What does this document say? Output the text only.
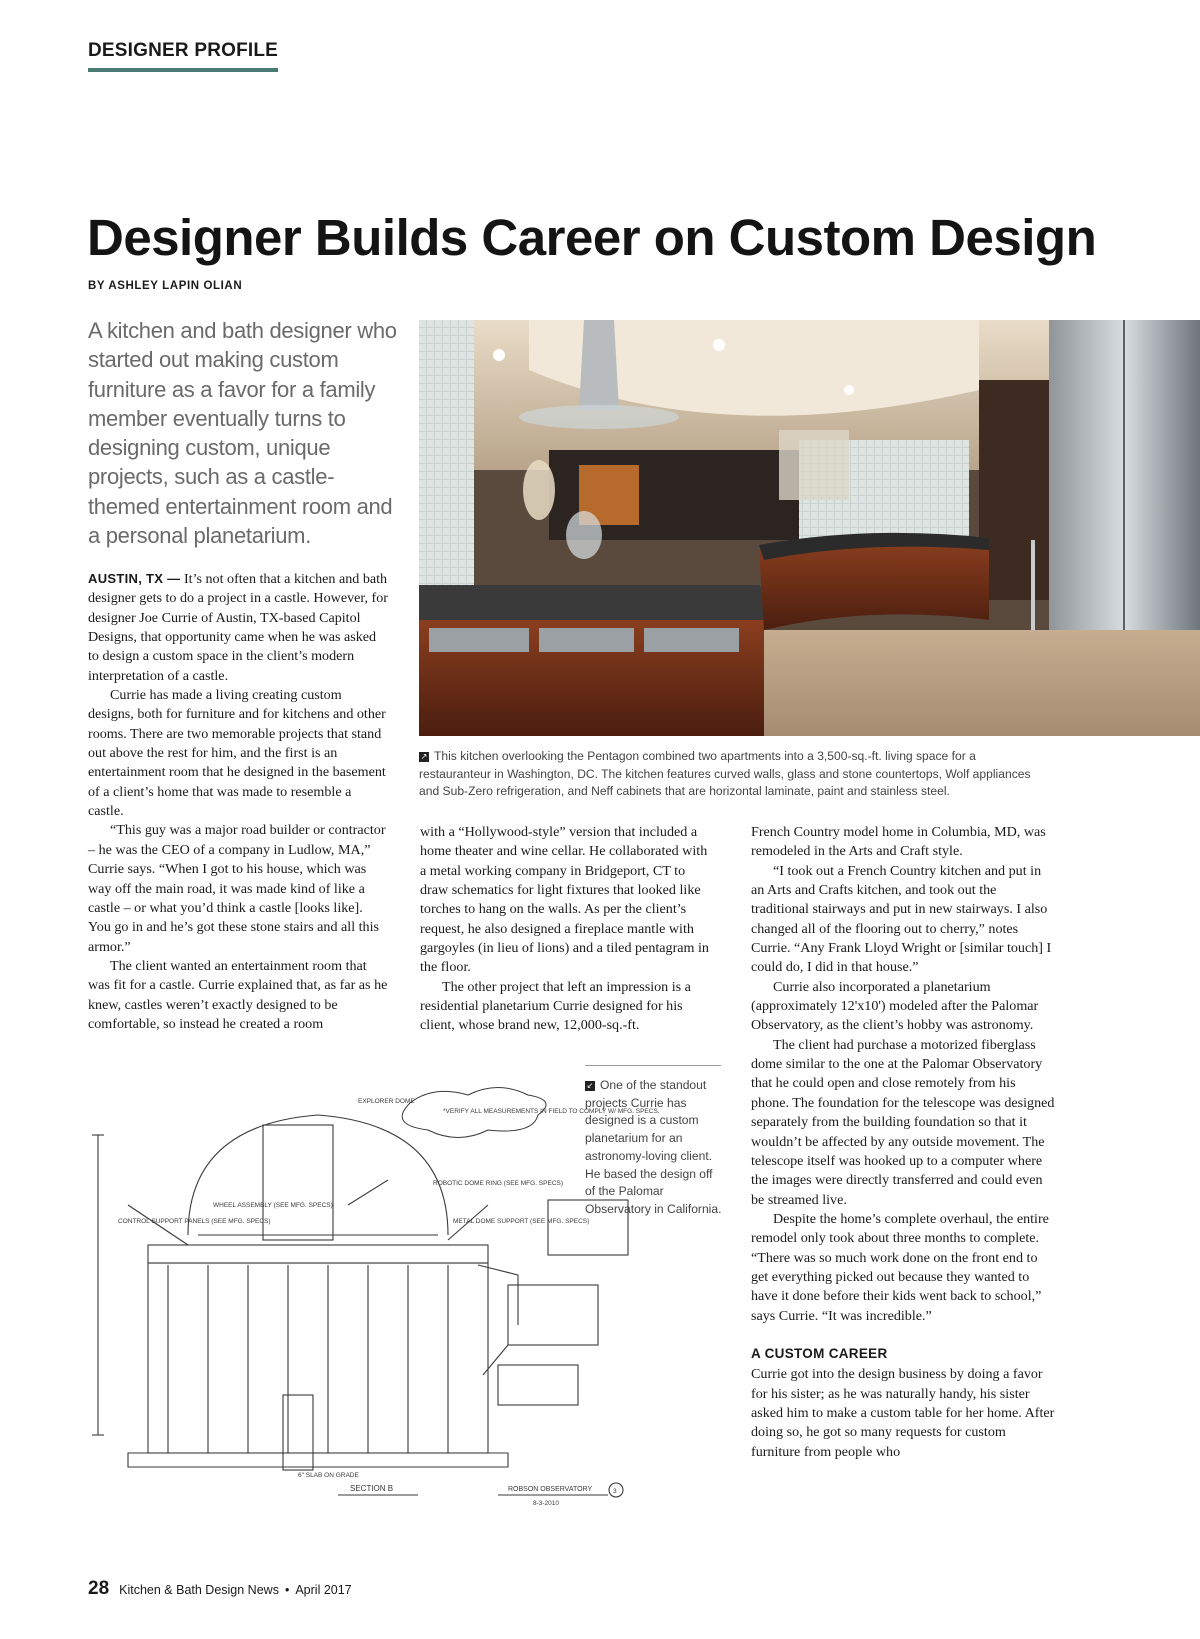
DESIGNER PROFILE
Designer Builds Career on Custom Design
BY ASHLEY LAPIN OLIAN
A kitchen and bath designer who started out making custom furniture as a favor for a family member eventually turns to designing custom, unique projects, such as a castle-themed entertainment room and a personal planetarium.

AUSTIN, TX — It’s not often that a kitchen and bath designer gets to do a project in a castle. However, for designer Joe Currie of Austin, TX-based Capitol Designs, that opportunity came when he was asked to design a custom space in the client’s modern interpretation of a castle.

Currie has made a living creating custom designs, both for furniture and for kitchens and other rooms. There are two memorable projects that stand out above the rest for him, and the first is an entertainment room that he designed in the basement of a client’s home that was made to resemble a castle.

“This guy was a major road builder or contractor – he was the CEO of a company in Ludlow, MA,” Currie says. “When I got to his house, which was way off the main road, it was made kind of like a castle – or what you’d think a castle [looks like]. You go in and he’s got these stone stairs and all this armor.”

The client wanted an entertainment room that was fit for a castle. Currie explained that, as far as he knew, castles weren’t exactly designed to be comfortable, so instead he created a room

↗ This kitchen overlooking the Pentagon combined two apartments into a 3,500-sq.-ft. living space for a restauranteur in Washington, DC. The kitchen features curved walls, glass and stone countertops, Wolf appliances and Sub-Zero refrigeration, and Neff cabinets that are horizontal laminate, paint and stainless steel.

with a “Hollywood-style” version that included a home theater and wine cellar. He collaborated with a metal working company in Bridgeport, CT to draw schematics for light fixtures that looked like torches to hang on the walls. As per the client’s request, he also designed a fireplace mantle with gargoyles (in lieu of lions) and a tiled pentagram in the floor.

The other project that left an impression is a residential planetarium Currie designed for his client, whose brand new, 12,000-sq.-ft.

↙ One of the standout projects Currie has designed is a custom planetarium for an astronomy-loving client. He based the design off of the Palomar Observatory in California.

French Country model home in Columbia, MD, was remodeled in the Arts and Craft style.

“I took out a French Country kitchen and put in an Arts and Crafts kitchen, and took out the traditional stairways and put in new stairways. I also changed all of the flooring out to cherry,” notes Currie. “Any Frank Lloyd Wright or [similar touch] I could do, I did in that house.”

Currie also incorporated a planetarium (approximately 12'x10') modeled after the Palomar Observatory, as the client’s hobby was astronomy.

The client had purchase a motorized fiberglass dome similar to the one at the Palomar Observatory that he could open and close remotely from his phone. The foundation for the telescope was designed separately from the building foundation so that it wouldn’t be affected by any outside movement. The telescope itself was hooked up to a computer where the images were directly transferred and could even be streamed live.

Despite the home’s complete overhaul, the entire remodel only took about three months to complete. “There was so much work done on the front end to get everything picked out because they wanted to have it done before their kids went back to school,” says Currie. “It was incredible.”

A CUSTOM CAREER

Currie got into the design business by doing a favor for his sister; as he was naturally handy, his sister asked him to make a custom table for her home. After doing so, he got so many requests for custom furniture from people who

EXPLORER DOME
*VERIFY ALL MEASUREMENTS IN FIELD TO COMPLY W/ MFG. SPECS.
ROBOTIC DOME RING (SEE MFG. SPECS)
METAL DOME SUPPORT (SEE MFG. SPECS)
WHEEL ASSEMBLY (SEE MFG. SPECS)
CONTROL SUPPORT PANELS (SEE MFG. SPECS)
6" SLAB ON GRADE
SECTION B	ROBSON OBSERVATORY
8-3-2010
3
28 Kitchen & Bath Design News • April 2017
